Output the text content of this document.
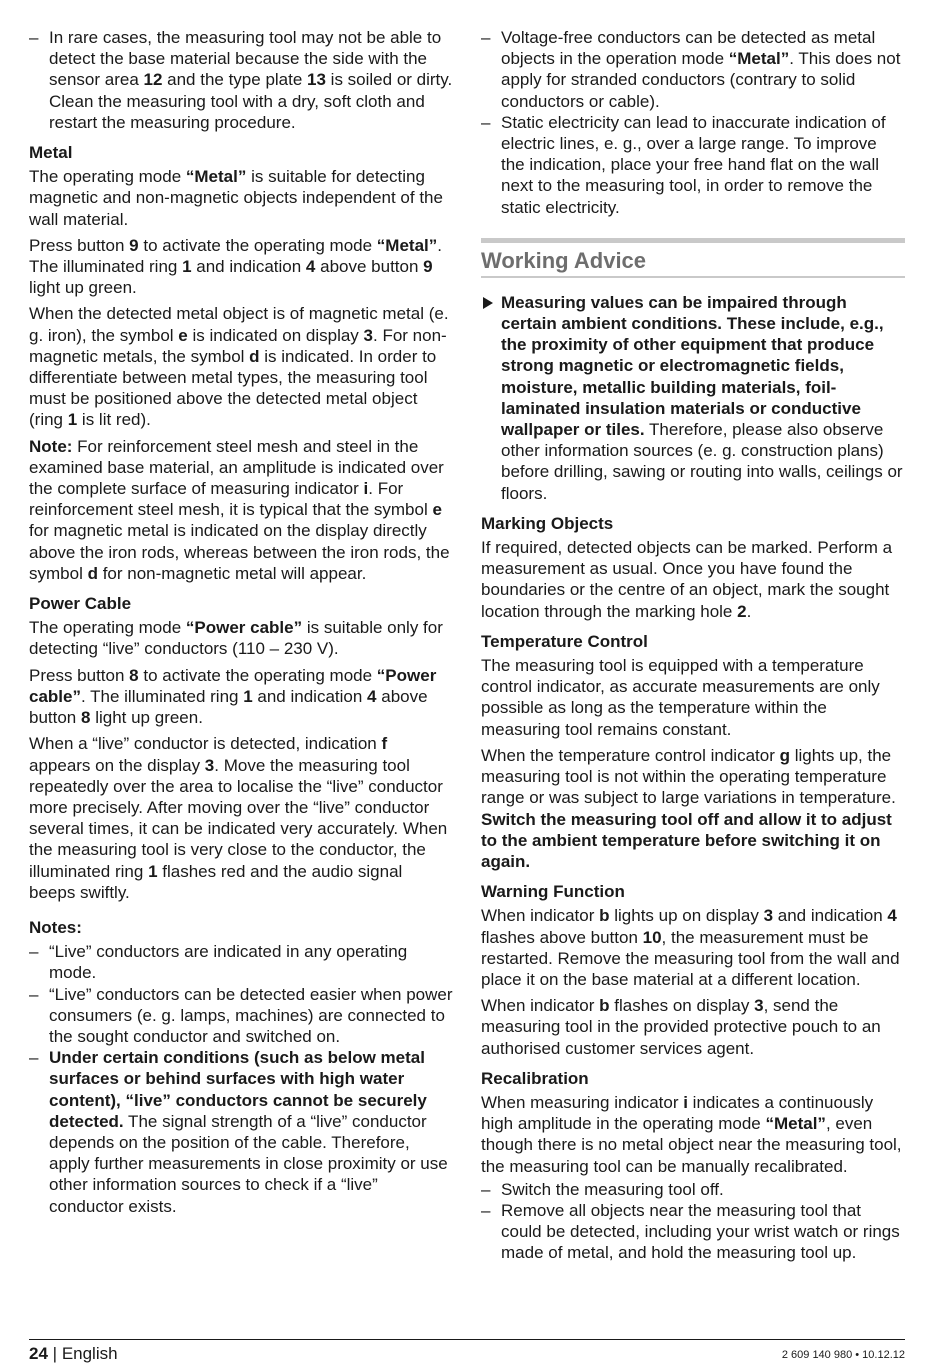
– In rare cases, the measuring tool may not be able to detect the base material because the side with the sensor area 12 and the type plate 13 is soiled or dirty. Clean the measuring tool with a dry, soft cloth and restart the measuring procedure.
Metal

The operating mode “Metal” is suitable for detecting magnetic and non-magnetic objects independent of the wall material.

Press button 9 to activate the operating mode “Metal”. The illuminated ring 1 and indication 4 above button 9 light up green.

When the detected metal object is of magnetic metal (e. g. iron), the symbol e is indicated on display 3. For non-magnetic metals, the symbol d is indicated. In order to differentiate between metal types, the measuring tool must be positioned above the detected metal object (ring 1 is lit red).

Note: For reinforcement steel mesh and steel in the examined base material, an amplitude is indicated over the complete surface of measuring indicator i. For reinforcement steel mesh, it is typical that the symbol e for magnetic metal is indicated on the display directly above the iron rods, whereas between the iron rods, the symbol d for non-magnetic metal will appear.

Power Cable

The operating mode “Power cable” is suitable only for detecting “live” conductors (110 – 230 V).

Press button 8 to activate the operating mode “Power cable”. The illuminated ring 1 and indication 4 above button 8 light up green.

When a “live” conductor is detected, indication f appears on the display 3. Move the measuring tool repeatedly over the area to localise the “live” conductor more precisely. After moving over the “live” conductor several times, it can be indicated very accurately. When the measuring tool is very close to the conductor, the illuminated ring 1 flashes red and the audio signal beeps swiftly.

Notes:
– “Live” conductors are indicated in any operating mode.
– “Live” conductors can be detected easier when power consumers (e. g. lamps, machines) are connected to the sought conductor and switched on.
– Under certain conditions (such as below metal surfaces or behind surfaces with high water content), “live” conductors cannot be securely detected. The signal strength of a “live” conductor depends on the position of the cable. Therefore, apply further measurements in close proximity or use other information sources to check if a “live” conductor exists.
– Voltage-free conductors can be detected as metal objects in the operation mode “Metal”. This does not apply for stranded conductors (contrary to solid conductors or cable).
– Static electricity can lead to inaccurate indication of electric lines, e. g., over a large range. To improve the indication, place your free hand flat on the wall next to the measuring tool, in order to remove the static electricity.
Working Advice
Measuring values can be impaired through certain ambient conditions. These include, e.g., the proximity of other equipment that produce strong magnetic or electromagnetic fields, moisture, metallic building materials, foil-laminated insulation materials or conductive wallpaper or tiles. Therefore, please also observe other information sources (e. g. construction plans) before drilling, sawing or routing into walls, ceilings or floors.
Marking Objects

If required, detected objects can be marked. Perform a measurement as usual. Once you have found the boundaries or the centre of an object, mark the sought location through the marking hole 2.

Temperature Control

The measuring tool is equipped with a temperature control indicator, as accurate measurements are only possible as long as the temperature within the measuring tool remains constant.

When the temperature control indicator g lights up, the measuring tool is not within the operating temperature range or was subject to large variations in temperature. Switch the measuring tool off and allow it to adjust to the ambient temperature before switching it on again.

Warning Function

When indicator b lights up on display 3 and indication 4 flashes above button 10, the measurement must be restarted. Remove the measuring tool from the wall and place it on the base material at a different location.

When indicator b flashes on display 3, send the measuring tool in the provided protective pouch to an authorised customer services agent.

Recalibration

When measuring indicator i indicates a continuously high amplitude in the operating mode “Metal”, even though there is no metal object near the measuring tool, the measuring tool can be manually recalibrated.

– Switch the measuring tool off.
– Remove all objects near the measuring tool that could be detected, including your wrist watch or rings made of metal, and hold the measuring tool up.
24 | English	2 609 140 980 • 10.12.12
